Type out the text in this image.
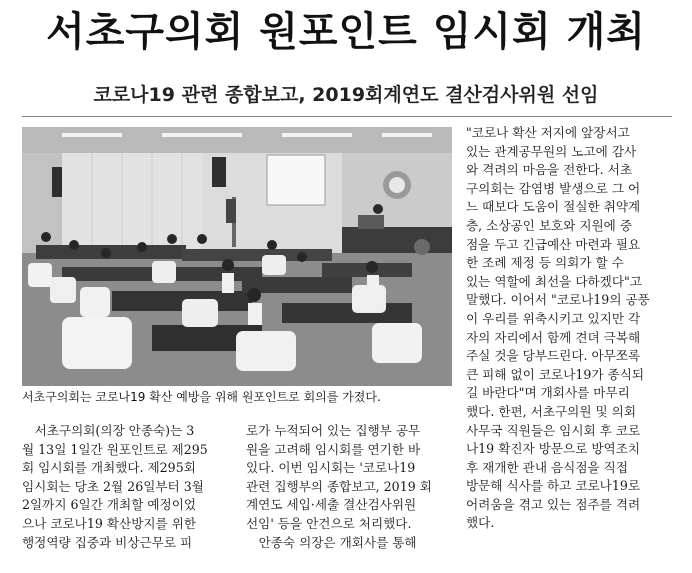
서초구의회 원포인트 임시회 개최
코로나19 관련 종합보고, 2019회계연도 결산검사위원 선임
서초구의회는 코로나19 확산 예방을 위해 원포인트로 회의를 가졌다.
　서초구의회(의장 안종숙)는 3
월 13일 1일간 원포인트로 제295
회 임시회를 개최했다. 제295회
임시회는 당초 2월 26일부터 3월
2일까지 6일간 개최할 예정이었
으나 코로나19 확산방지를 위한
행정역량 집중과 비상근무로 피
로가 누적되어 있는 집행부 공무
원을 고려해 임시회를 연기한 바
있다. 이번 임시회는 '코로나19
관련 집행부의 종합보고, 2019 회
계연도 세입·세출 결산검사위원
선임' 등을 안건으로 처리했다.
　안종숙 의장은 개회사를 통해
"코로나 확산 저지에 앞장서고
있는 관계공무원의 노고에 감사
와 격려의 마음을 전한다. 서초
구의회는 감염병 발생으로 그 어
느 때보다 도움이 절실한 취약계
층, 소상공인 보호와 지원에 중
점을 두고 긴급예산 마련과 필요
한 조례 제정 등 의회가 할 수
있는 역할에 최선을 다하겠다"고
말했다. 이어서 "코로나19의 공풍
이 우리를 위축시키고 있지만 각
자의 자리에서 함께 견뎌 극복해
주실 것을 당부드린다. 아무쪼록
큰 피해 없이 코로나19가 종식되
길 바란다"며 개회사를 마무리
했다. 한편, 서초구의원 및 의회
사무국 직원들은 임시회 후 코로
나19 확진자 방문으로 방역조치
후 재개한 관내 음식점을 직접
방문해 식사를 하고 코로나19로
어려움을 겪고 있는 점주를 격려
했다.
